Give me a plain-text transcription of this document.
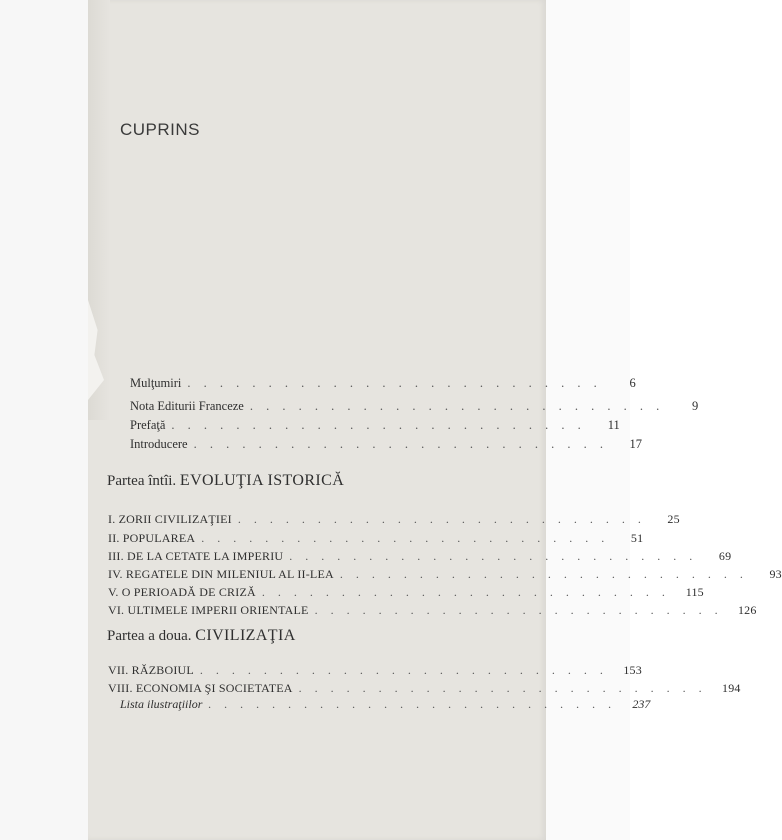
CUPRINS
Mulţumiri . . . . . . . . . . . . . . . . . . . . . . . . . .	6
Nota Editurii Franceze . . . . . . . . . . . . . . . . . . . . . . . . . .	9
Prefaţă . . . . . . . . . . . . . . . . . . . . . . . . . .	11
Introducere . . . . . . . . . . . . . . . . . . . . . . . . . .	17
Partea întîi. EVOLUŢIA ISTORICĂ
I. ZORII CIVILIZAŢIEI . . . . . . . . . . . . . . . . . . . . . . . . . .	25
II. POPULAREA . . . . . . . . . . . . . . . . . . . . . . . . . .	51
III. DE LA CETATE LA IMPERIU . . . . . . . . . . . . . . . . . . . . . . . . . .	69
IV. REGATELE DIN MILENIUL AL II-LEA . . . . . . . . . . . . . . . . . . . . . . . . . .	93
V. O PERIOADĂ DE CRIZĂ . . . . . . . . . . . . . . . . . . . . . . . . . .	115
VI. ULTIMELE IMPERII ORIENTALE . . . . . . . . . . . . . . . . . . . . . . . . . .	126
Partea a doua. CIVILIZAŢIA
VII. RĂZBOIUL . . . . . . . . . . . . . . . . . . . . . . . . . .	153
VIII. ECONOMIA ŞI SOCIETATEA . . . . . . . . . . . . . . . . . . . . . . . . . .	194
Lista ilustraţiilor . . . . . . . . . . . . . . . . . . . . . . . . . .	237
